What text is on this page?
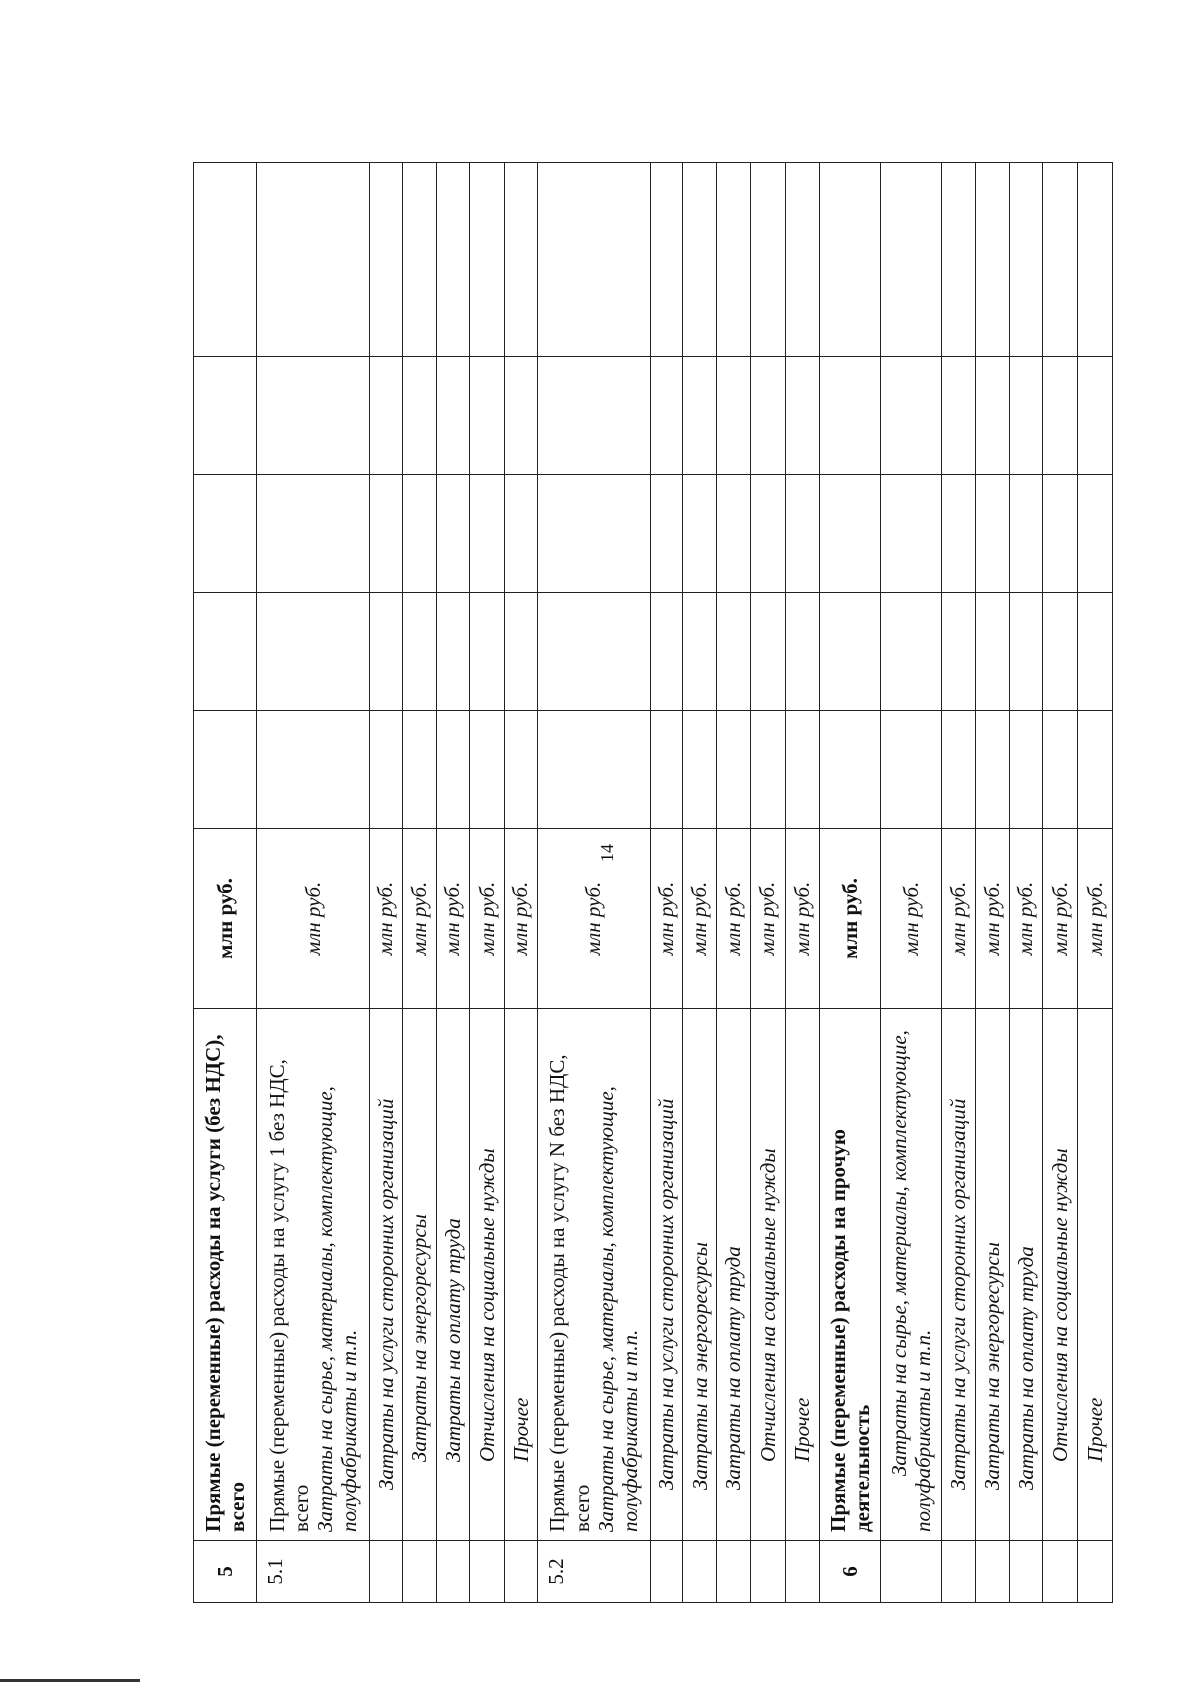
14
5	Прямые (переменные) расходы на услуги (без НДС), всего	млн руб.					
5.1	Прямые (переменные) расходы на услугу 1 без НДС, всего Затраты на сырье, материалы, комплектующие, полуфабрикаты и т.п.	млн руб.					
	Затраты на услуги сторонних организаций	млн руб.					
	Затраты на энергоресурсы	млн руб.					
	Затраты на оплату труда	млн руб.					
	Отчисления на социальные нужды	млн руб.					
	Прочее	млн руб.					
5.2	Прямые (переменные) расходы на услугу N без НДС, всего Затраты на сырье, материалы, комплектующие, полуфабрикаты и т.п.	млн руб.					
	Затраты на услуги сторонних организаций	млн руб.					
	Затраты на энергоресурсы	млн руб.					
	Затраты на оплату труда	млн руб.					
	Отчисления на социальные нужды	млн руб.					
	Прочее	млн руб.					
6	Прямые (переменные) расходы на прочую деятельность	млн руб.					
	Затраты на сырье, материалы, комплектующие, полуфабрикаты и т.п.	млн руб.					
	Затраты на услуги сторонних организаций	млн руб.					
	Затраты на энергоресурсы	млн руб.					
	Затраты на оплату труда	млн руб.					
	Отчисления на социальные нужды	млн руб.					
	Прочее	млн руб.					
